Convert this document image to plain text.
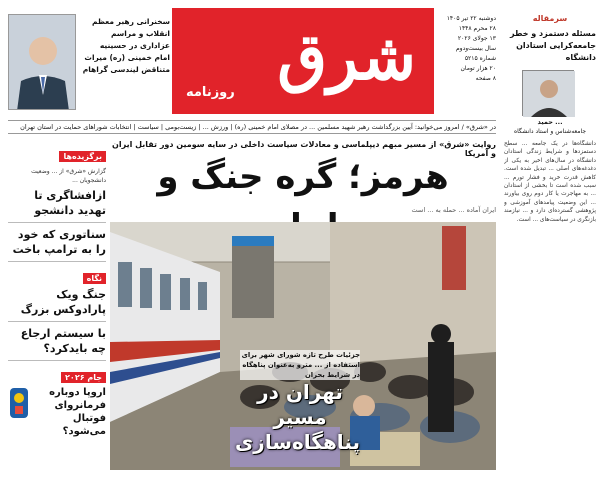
سخنرانی رهبر معظم انقلاب و مراسم عزاداری در حسینیه امام خمینی (ره) میراث متناقض لیندسی گراهام شرق
روزنامه
دوشنبه ۲۲ تیر ۱۴۰۵
۲۸ محرم ۱۴۴۸
۱۳ جولای ۲۰۲۶
سال بیست‌ودوم
شماره ۵۲۱۵
۲۰ هزار تومان
۸ صفحه
در «شرق» / امروز می‌خوانید: آیین بزرگداشت رهبر شهید مسلمین ... در مصلای امام خمینی (ره) | ورزش ... | زیست‌بومی | سیاست | انتخابات شوراهای حمایت در استان تهران
سرمقاله
مسئله دستمزد و خطر جامعه‌کرایی استادان دانشگاه
حمید ...
جامعه‌شناس و استاد دانشگاه
دانشگاه‌ها در یک جامعه ... سطح دستمزدها و شرایط زندگی استادان دانشگاه در سال‌های اخیر به یکی از دغدغه‌های اصلی ... تبدیل شده است. کاهش قدرت خرید و فشار تورم ... سبب شده است تا بخشی از استادان ... به مهاجرت یا کار دوم روی بیاورند ... این وضعیت پیامدهای آموزشی و پژوهشی گسترده‌ای دارد و ... نیازمند بازنگری در سیاست‌های ... است.
روایت «شرق» از مسیر مبهم دیپلماسی و معادلات سیاست داخلی در سایه سومین دور تقابل ایران و آمریکا
هرمز؛ گره جنگ و
ایران آماده ... حمله به ... است
جزئیات طرح تازه شورای شهر برای استفاده از ... مترو به‌عنوان پناهگاه در شرایط بحران
تهران در مسیر پناهگاه‌سازی
برگزیده‌ها
گزارش «شرق» از ... وضعیت دانشجویان ...
ازافشاگری تا تهدید دانشجو
سناتوری که خود را به ترامپ باخت
نگاه
جنگ ویک پارادوکس بزرگ
با سیستم ارجاع چه بایدکرد؟
جام ۲۰۲۶
اروپا دوباره فرمانروای فوتبال می‌شود؟
